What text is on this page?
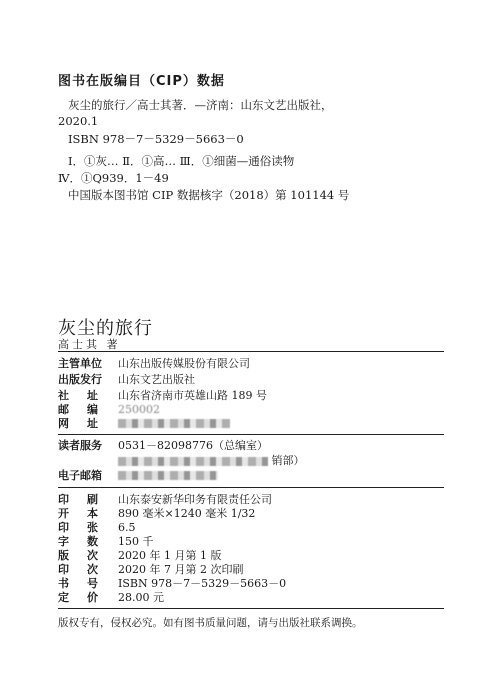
图书在版编目（CIP）数据
灰尘的旅行／高士其著．—济南：山东文艺出版社，
2020.1
ISBN 978－7－5329－5663－0
Ⅰ．①灰… Ⅱ．①高… Ⅲ．①细菌—通俗读物
Ⅳ．①Q939．1－49
中国版本图书馆 CIP 数据核字（2018）第 101144 号
灰尘的旅行
高士其 著
主管单位	山东出版传媒股份有限公司
出版发行	山东文艺出版社
社址 山东省济南市英雄山路 189 号
邮编 250002
网址
读者服务	0531－82098776（总编室）
销部）
电子邮箱
印刷 山东泰安新华印务有限责任公司
开本 890 毫米×1240 毫米 1/32
印张 6.5
字数 150 千
版次 2020 年 1 月第 1 版
印次 2020 年 7 月第 2 次印刷
书号 ISBN 978－7－5329－5663－0
定价 28.00 元
版权专有，侵权必究。如有图书质量问题，请与出版社联系调换。
